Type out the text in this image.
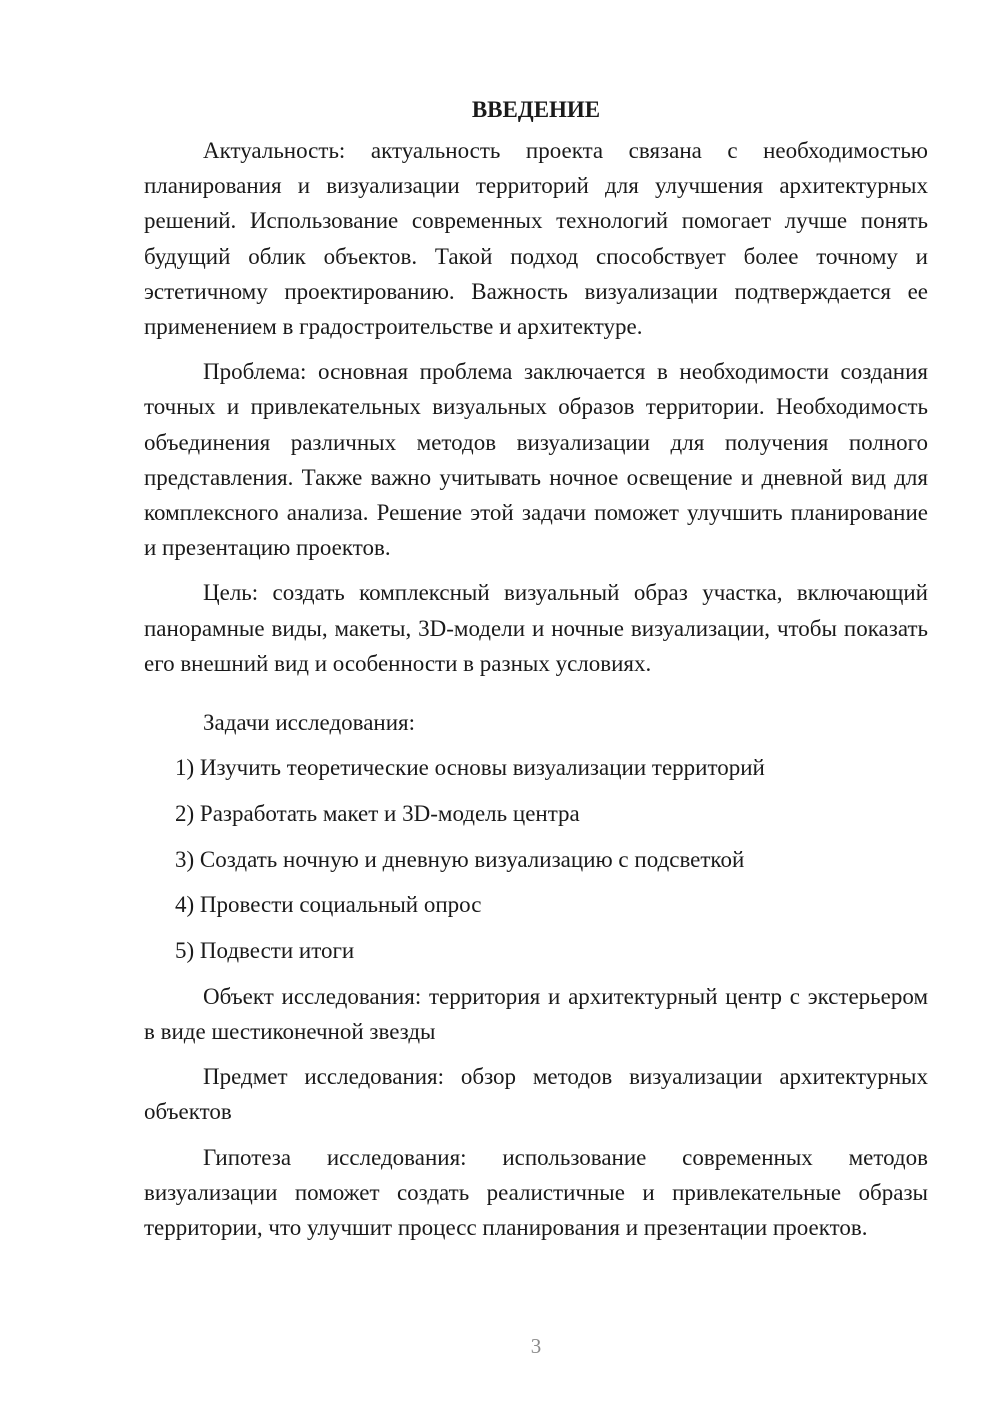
ВВЕДЕНИЕ

Актуальность: актуальность проекта связана с необходимостью планирования и визуализации территорий для улучшения архитектурных решений. Использование современных технологий помогает лучше понять будущий облик объектов. Такой подход способствует более точному и эстетичному проектированию. Важность визуализации подтверждается ее применением в градостроительстве и архитектуре.

Проблема: основная проблема заключается в необходимости создания точных и привлекательных визуальных образов территории. Необходимость объединения различных методов визуализации для получения полного представления. Также важно учитывать ночное освещение и дневной вид для комплексного анализа. Решение этой задачи поможет улучшить планирование и презентацию проектов.

Цель: создать комплексный визуальный образ участка, включающий панорамные виды, макеты, 3D-модели и ночные визуализации, чтобы показать его внешний вид и особенности в разных условиях.

Задачи исследования:
1) Изучить теоретические основы визуализации территорий
2) Разработать макет и 3D-модель центра
3) Создать ночную и дневную визуализацию с подсветкой
4) Провести социальный опрос
5) Подвести итоги

Объект исследования: территория и архитектурный центр с экстерьером в виде шестиконечной звезды

Предмет исследования: обзор методов визуализации архитектурных объектов

Гипотеза исследования: использование современных методов визуализации поможет создать реалистичные и привлекательные образы территории, что улучшит процесс планирования и презентации проектов.

3
